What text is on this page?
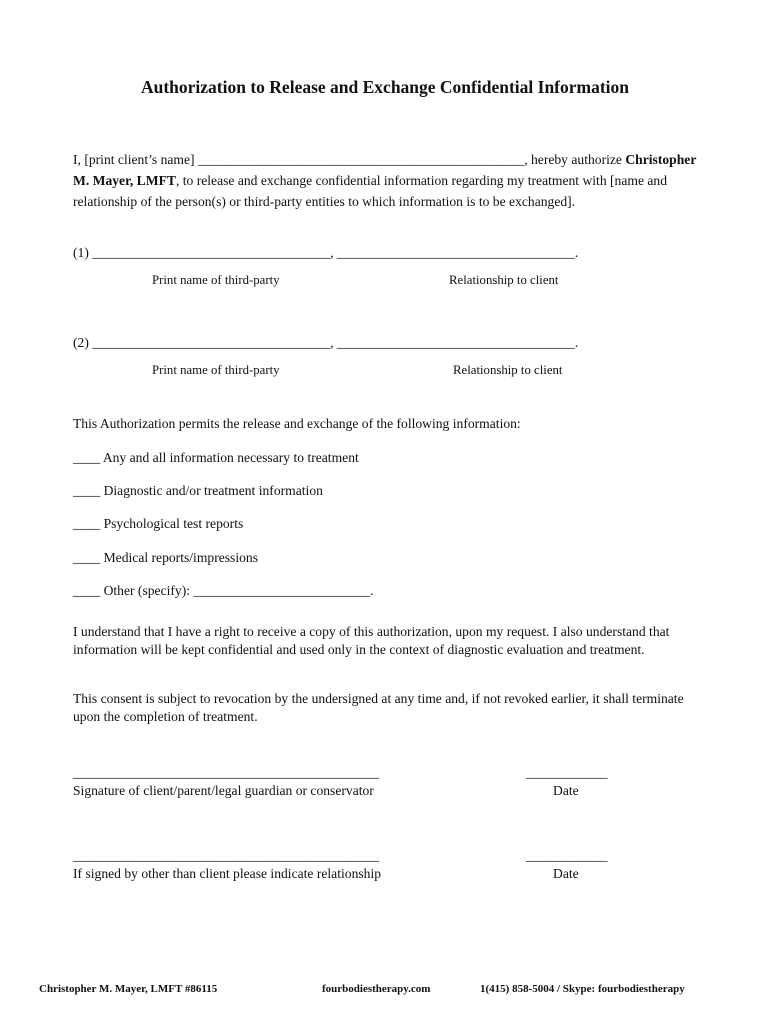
Authorization to Release and Exchange Confidential Information
I, [print client’s name] ________________________________________________, hereby authorize Christopher M. Mayer, LMFT, to release and exchange confidential information regarding my treatment with [name and relationship of the person(s) or third-party entities to which information is to be exchanged].
(1) ___________________________________, ___________________________________.
Print name of third-party	Relationship to client
(2) ___________________________________, ___________________________________.
Print name of third-party	Relationship to client
This Authorization permits the release and exchange of the following information:
____ Any and all information necessary to treatment
____ Diagnostic and/or treatment information
____ Psychological test reports
____ Medical reports/impressions
____ Other (specify): __________________________.
I understand that I have a right to receive a copy of this authorization, upon my request. I also understand that information will be kept confidential and used only in the context of diagnostic evaluation and treatment.
This consent is subject to revocation by the undersigned at any time and, if not revoked earlier, it shall terminate upon the completion of treatment.
_____________________________________________
Signature of client/parent/legal guardian or conservator
____________
Date
_____________________________________________
If signed by other than client please indicate relationship
____________
Date
Christopher M. Mayer, LMFT #86115	fourbodiestherapy.com	1(415) 858-5004 / Skype: fourbodiestherapy
